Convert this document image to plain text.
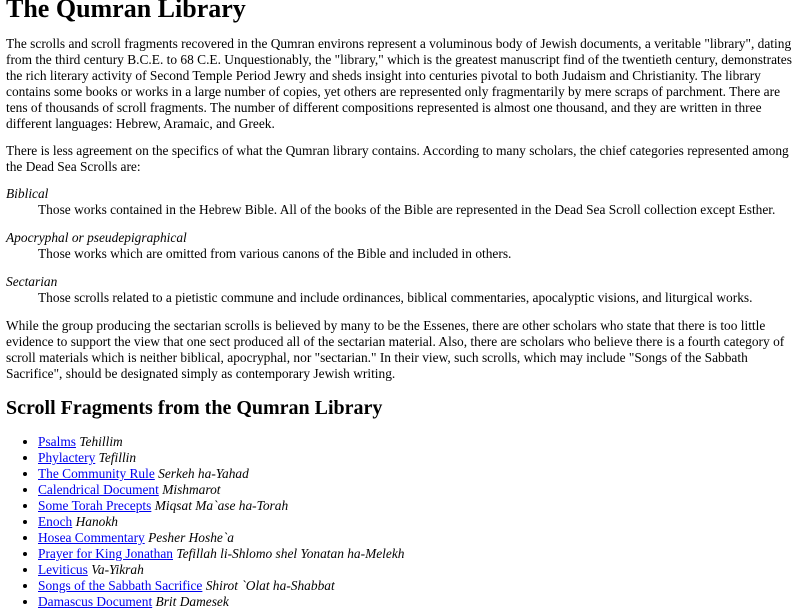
The Qumran Library

The scrolls and scroll fragments recovered in the Qumran environs represent a voluminous body of Jewish documents, a veritable "library", dating from the third century B.C.E. to 68 C.E. Unquestionably, the "library," which is the greatest manuscript find of the twentieth century, demonstrates the rich literary activity of Second Temple Period Jewry and sheds insight into centuries pivotal to both Judaism and Christianity. The library contains some books or works in a large number of copies, yet others are represented only fragmentarily by mere scraps of parchment. There are tens of thousands of scroll fragments. The number of different compositions represented is almost one thousand, and they are written in three different languages: Hebrew, Aramaic, and Greek.

There is less agreement on the specifics of what the Qumran library contains. According to many scholars, the chief categories represented among the Dead Sea Scrolls are:

Biblical
Those works contained in the Hebrew Bible. All of the books of the Bible are represented in the Dead Sea Scroll collection except Esther.
Apocryphal or pseudepigraphical
Those works which are omitted from various canons of the Bible and included in others.
Sectarian
Those scrolls related to a pietistic commune and include ordinances, biblical commentaries, apocalyptic visions, and liturgical works.

While the group producing the sectarian scrolls is believed by many to be the Essenes, there are other scholars who state that there is too little evidence to support the view that one sect produced all of the sectarian material. Also, there are scholars who believe there is a fourth category of scroll materials which is neither biblical, apocryphal, nor "sectarian." In their view, such scrolls, which may include "Songs of the Sabbath Sacrifice", should be designated simply as contemporary Jewish writing.

Scroll Fragments from the Qumran Library
• Psalms Tehillim
• Phylactery Tefillin
• The Community Rule Serkeh ha-Yahad
• Calendrical Document Mishmarot
• Some Torah Precepts Miqsat Ma`ase ha-Torah
• Enoch Hanokh
• Hosea Commentary Pesher Hoshe`a
• Prayer for King Jonathan Tefillah li-Shlomo shel Yonatan ha-Melekh
• Leviticus Va-Yikrah
• Songs of the Sabbath Sacrifice Shirot `Olat ha-Shabbat
• Damascus Document Brit Damesek
